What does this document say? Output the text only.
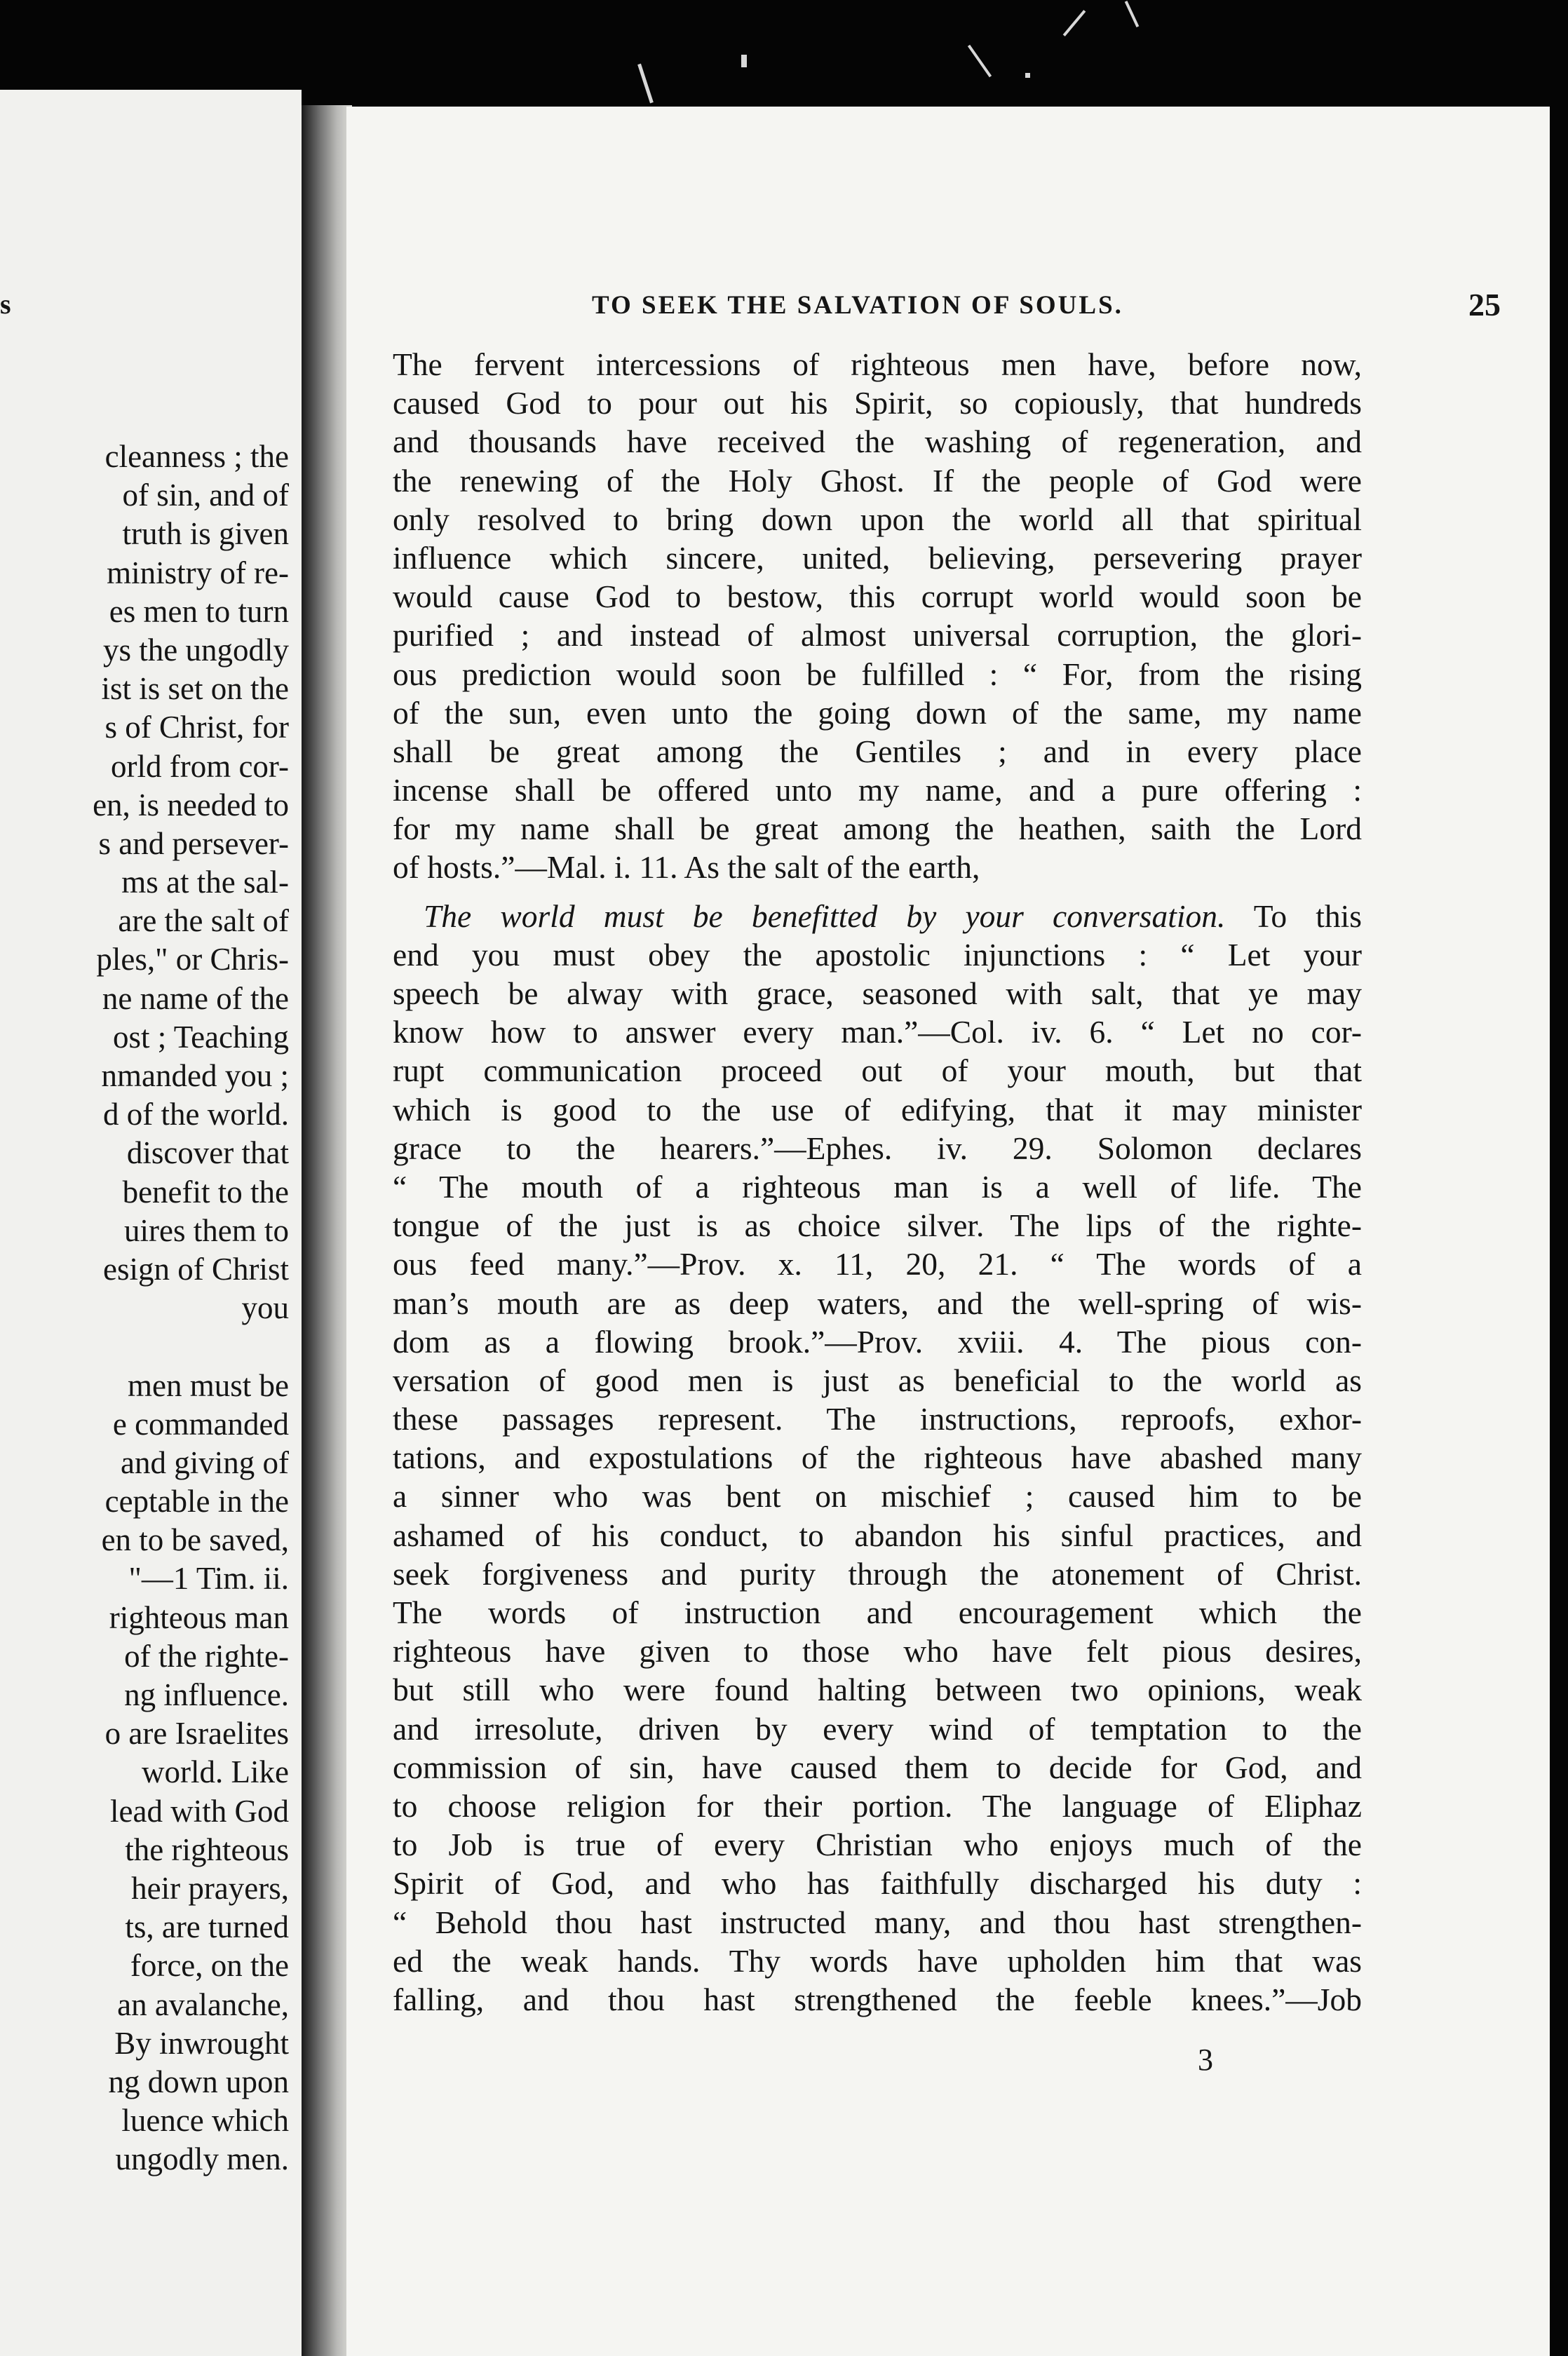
s
cleanness ; the
of sin, and of
truth is given
ministry of re-
es men to turn
ys the ungodly
ist is set on the
s of Christ, for
orld from cor-
en, is needed to
s and persever-
ms at the sal-
are the salt of
ples," or Chris-
ne name of the
ost ; Teaching
nmanded you ;
d of the world.
discover that
benefit to the
uires them to
esign of Christ
you
men must be
e commanded
and giving of
ceptable in the
en to be saved,
"—1 Tim. ii.
righteous man
of the righte-
ng influence.
o are Israelites
world. Like
lead with God
the righteous
heir prayers,
ts, are turned
force, on the
an avalanche,
By inwrought
ng down upon
luence which
ungodly men.
TO SEEK THE SALVATION OF SOULS.	25
The fervent intercessions of righteous men have, before now,
caused God to pour out his Spirit, so copiously, that hundreds
and thousands have received the washing of regeneration, and
the renewing of the Holy Ghost. If the people of God were
only resolved to bring down upon the world all that spiritual
influence which sincere, united, believing, persevering prayer
would cause God to bestow, this corrupt world would soon be
purified ; and instead of almost universal corruption, the glori-
ous prediction would soon be fulfilled : “ For, from the rising
of the sun, even unto the going down of the same, my name
shall be great among the Gentiles ; and in every place
incense shall be offered unto my name, and a pure offering :
for my name shall be great among the heathen, saith the Lord
of hosts.”—Mal. i. 11. As the salt of the earth,
The world must be benefitted by your conversation. To this
end you must obey the apostolic injunctions : “ Let your
speech be alway with grace, seasoned with salt, that ye may
know how to answer every man.”—Col. iv. 6. “ Let no cor-
rupt communication proceed out of your mouth, but that
which is good to the use of edifying, that it may minister
grace to the hearers.”—Ephes. iv. 29. Solomon declares
“ The mouth of a righteous man is a well of life. The
tongue of the just is as choice silver. The lips of the righte-
ous feed many.”—Prov. x. 11, 20, 21. “ The words of a
man’s mouth are as deep waters, and the well-spring of wis-
dom as a flowing brook.”—Prov. xviii. 4. The pious con-
versation of good men is just as beneficial to the world as
these passages represent. The instructions, reproofs, exhor-
tations, and expostulations of the righteous have abashed many
a sinner who was bent on mischief ; caused him to be
ashamed of his conduct, to abandon his sinful practices, and
seek forgiveness and purity through the atonement of Christ.
The words of instruction and encouragement which the
righteous have given to those who have felt pious desires,
but still who were found halting between two opinions, weak
and irresolute, driven by every wind of temptation to the
commission of sin, have caused them to decide for God, and
to choose religion for their portion. The language of Eliphaz
to Job is true of every Christian who enjoys much of the
Spirit of God, and who has faithfully discharged his duty :
“ Behold thou hast instructed many, and thou hast strengthen-
ed the weak hands. Thy words have upholden him that was
falling, and thou hast strengthened the feeble knees.”—Job
3
